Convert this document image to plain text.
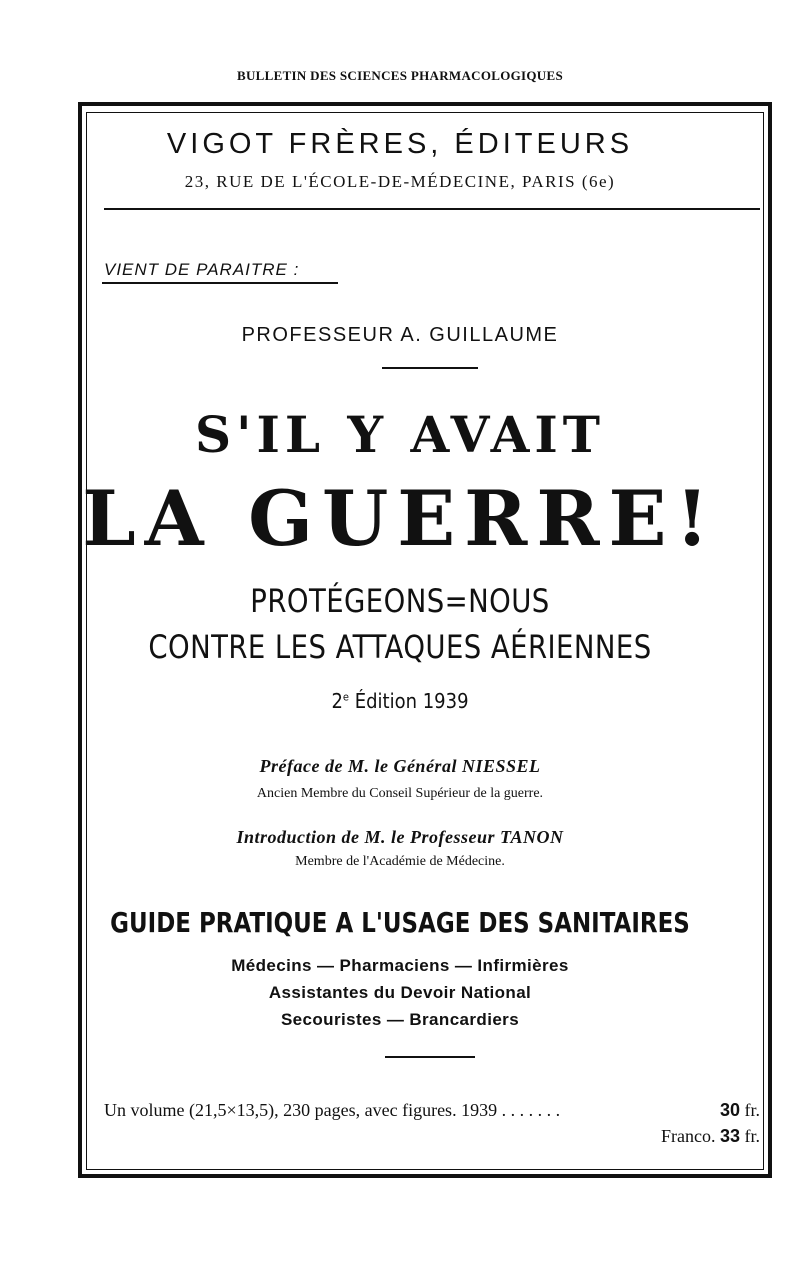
BULLETIN DES SCIENCES PHARMACOLOGIQUES
VIGOT FRÈRES, ÉDITEURS
23, RUE DE L'ÉCOLE-DE-MÉDECINE, PARIS (6e)
VIENT DE PARAITRE :
PROFESSEUR A. GUILLAUME
S'IL Y AVAIT
LA GUERRE!
PROTÉGEONS=NOUS
CONTRE LES ATTAQUES AÉRIENNES
2e Édition 1939
Préface de M. le Général NIESSEL
Ancien Membre du Conseil Supérieur de la guerre.
Introduction de M. le Professeur TANON
Membre de l'Académie de Médecine.
GUIDE PRATIQUE A L'USAGE DES SANITAIRES
Médecins — Pharmaciens — Infirmières
Assistantes du Devoir National
Secouristes — Brancardiers
Un volume (21,5×13,5), 230 pages, avec figures. 1939 . . . . . . .	30 fr.
Franco. 33 fr.
